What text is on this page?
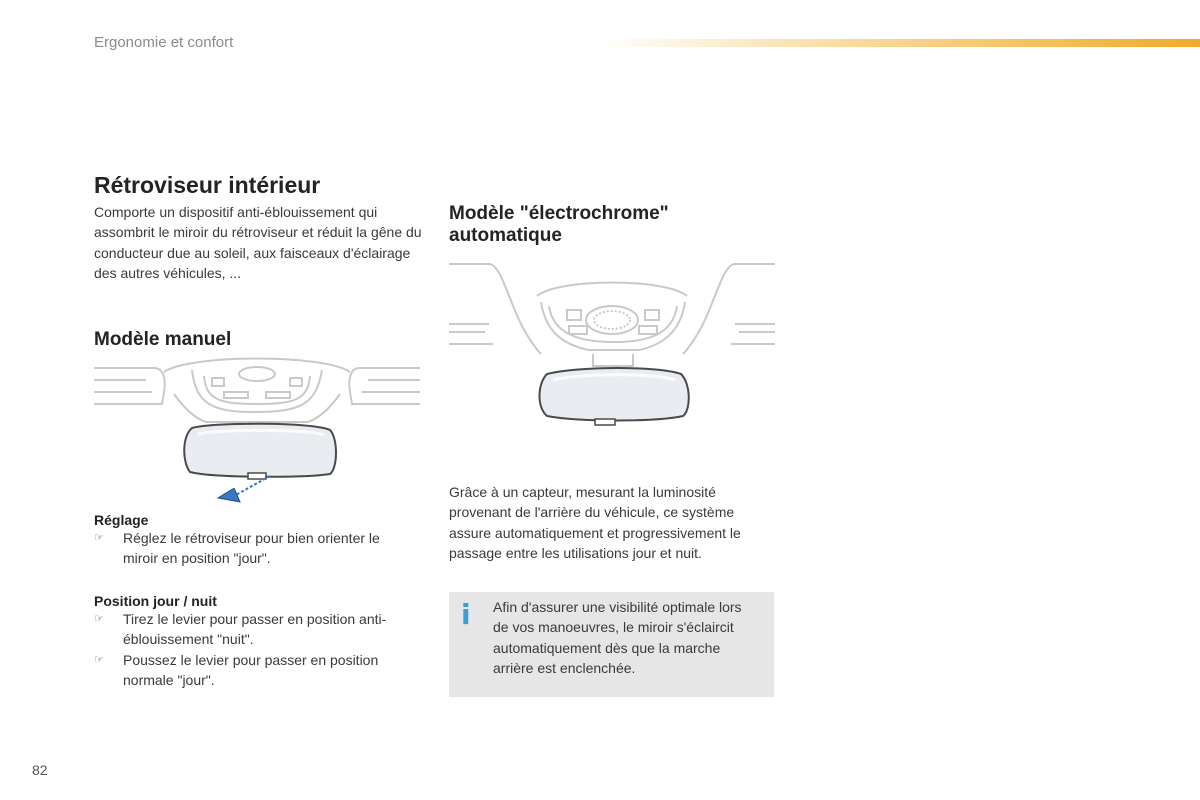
Ergonomie et confort
Rétroviseur intérieur
Comporte un dispositif anti-éblouissement qui assombrit le miroir du rétroviseur et réduit la gêne du conducteur due au soleil, aux faisceaux d'éclairage des autres véhicules, ...
Modèle manuel
Réglage
☞ Réglez le rétroviseur pour bien orienter le miroir en position "jour".
Position jour / nuit
☞ Tirez le levier pour passer en position anti-éblouissement "nuit".
☞ Poussez le levier pour passer en position normale "jour".
Modèle "électrochrome" automatique
Grâce à un capteur, mesurant la luminosité provenant de l'arrière du véhicule, ce système assure automatiquement et progressivement le passage entre les utilisations jour et nuit.
i	Afin d'assurer une visibilité optimale lors de vos manoeuvres, le miroir s'éclaircit automatiquement dès que la marche arrière est enclenchée.
82
